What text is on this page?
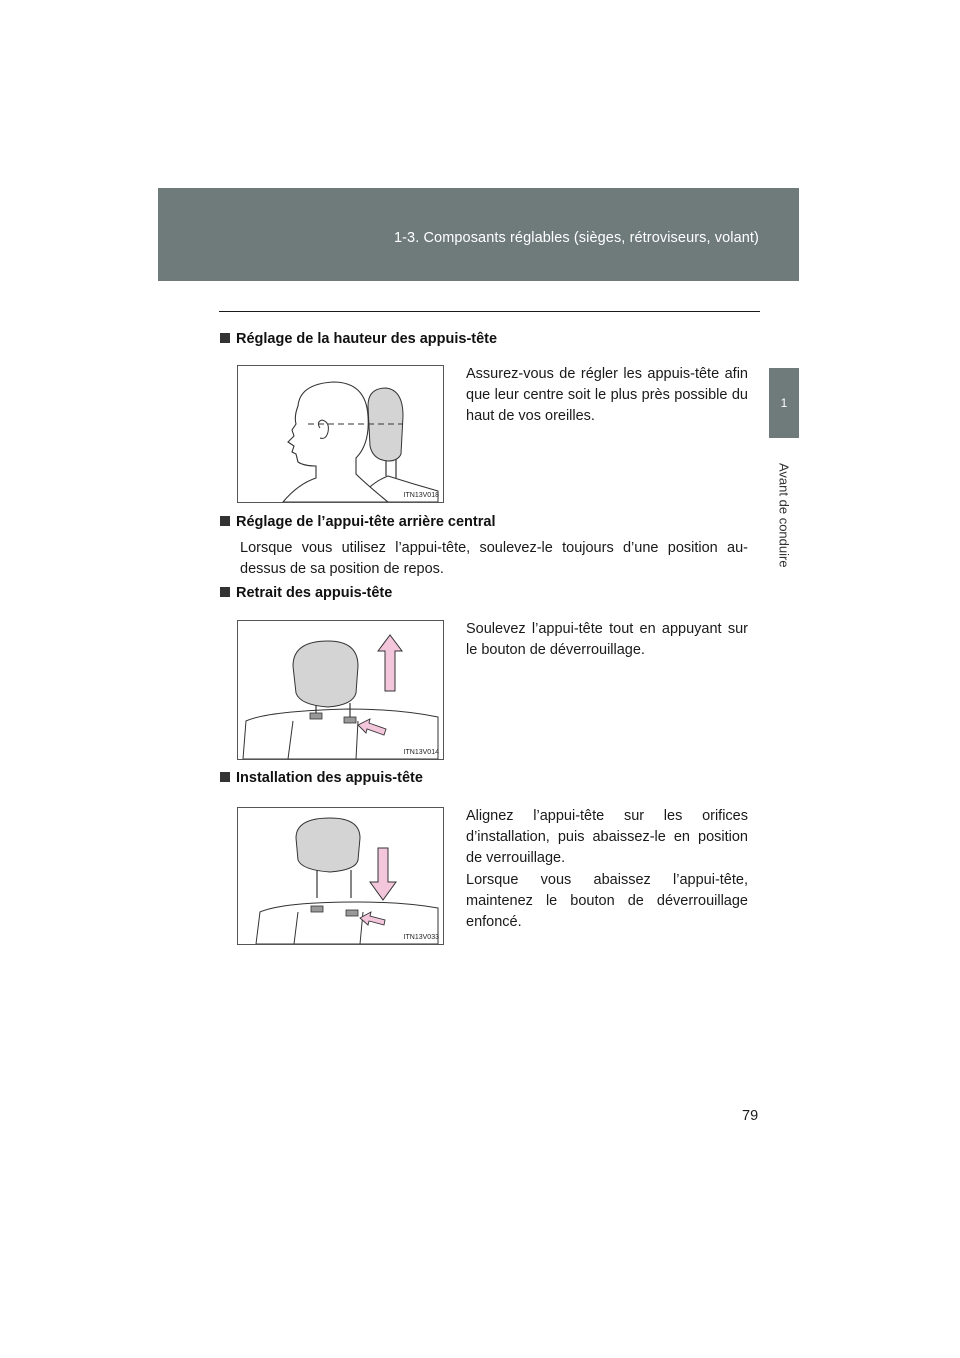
1-3. Composants réglables (sièges, rétroviseurs, volant)
1
Avant de conduire
Réglage de la hauteur des appuis-tête
ITN13V018
Assurez-vous de régler les appuis-tête afin que leur centre soit le plus près possible du haut de vos oreilles.
Réglage de l’appui-tête arrière central
Lorsque vous utilisez l’appui-tête, soulevez-le toujours d’une position au-dessus de sa position de repos.
Retrait des appuis-tête
ITN13V014
Soulevez l’appui-tête tout en appuyant sur le bouton de déverrouillage.
Installation des appuis-tête
ITN13V033
Alignez l’appui-tête sur les orifices d’installation, puis abaissez-le en position de verrouillage.
Lorsque vous abaissez l’appui-tête, maintenez le bouton de déverrouillage enfoncé.
79
